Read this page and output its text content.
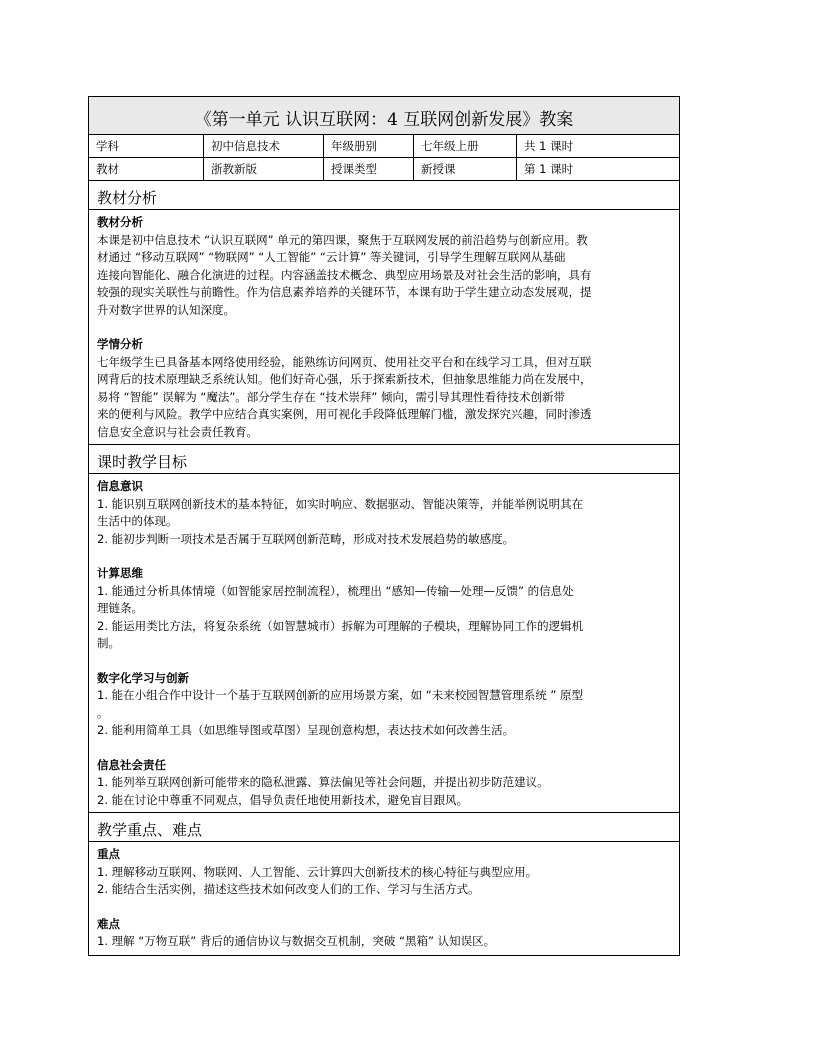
《第一单元 认识互联网：4 互联网创新发展》教案
学科	初中信息技术	年级册别	七年级上册	共 1 课时
教材	浙教新版	授课类型	新授课	第 1 课时
教材分析
教材分析
本课是初中信息技术 “认识互联网” 单元的第四课，聚焦于互联网发展的前沿趋势与创新应用。教
材通过 “移动互联网” “物联网” “人工智能” “云计算” 等关键词，引导学生理解互联网从基础
连接向智能化、融合化演进的过程。内容涵盖技术概念、典型应用场景及对社会生活的影响，具有
较强的现实关联性与前瞻性。作为信息素养培养的关键环节，本课有助于学生建立动态发展观，提
升对数字世界的认知深度。
学情分析
七年级学生已具备基本网络使用经验，能熟练访问网页、使用社交平台和在线学习工具，但对互联
网背后的技术原理缺乏系统认知。他们好奇心强，乐于探索新技术，但抽象思维能力尚在发展中，
易将 “智能” 误解为 “魔法”。部分学生存在 “技术崇拜” 倾向，需引导其理性看待技术创新带
来的便利与风险。教学中应结合真实案例，用可视化手段降低理解门槛，激发探究兴趣，同时渗透
信息安全意识与社会责任教育。
课时教学目标
信息意识
1. 能识别互联网创新技术的基本特征，如实时响应、数据驱动、智能决策等，并能举例说明其在
生活中的体现。
2. 能初步判断一项技术是否属于互联网创新范畴，形成对技术发展趋势的敏感度。
计算思维
1. 能通过分析具体情境（如智能家居控制流程），梳理出 “感知—传输—处理—反馈” 的信息处
理链条。
2. 能运用类比方法，将复杂系统（如智慧城市）拆解为可理解的子模块，理解协同工作的逻辑机
制。
数字化学习与创新
1. 能在小组合作中设计一个基于互联网创新的应用场景方案，如 “未来校园智慧管理系统 ” 原型
。
2. 能利用简单工具（如思维导图或草图）呈现创意构想，表达技术如何改善生活。
信息社会责任
1. 能列举互联网创新可能带来的隐私泄露、算法偏见等社会问题，并提出初步防范建议。
2. 能在讨论中尊重不同观点，倡导负责任地使用新技术，避免盲目跟风。
教学重点、难点
重点
1. 理解移动互联网、物联网、人工智能、云计算四大创新技术的核心特征与典型应用。
2. 能结合生活实例，描述这些技术如何改变人们的工作、学习与生活方式。
难点
1. 理解 “万物互联” 背后的通信协议与数据交互机制，突破 “黑箱” 认知误区。
